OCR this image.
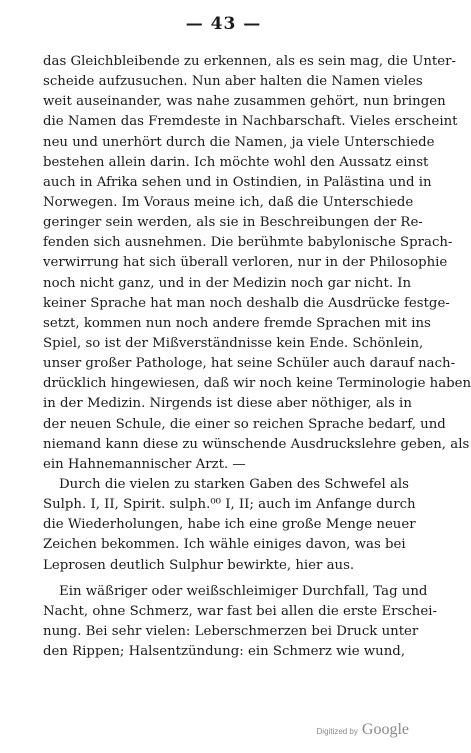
— 43 —
das Gleichbleibende zu erkennen, als es sein mag, die Unter-
scheide aufzusuchen. Nun aber halten die Namen vieles
weit auseinander, was nahe zusammen gehört, nun bringen
die Namen das Fremdeste in Nachbarschaft. Vieles erscheint
neu und unerhört durch die Namen, ja viele Unterschiede
bestehen allein darin. Ich möchte wohl den Aussatz einst
auch in Afrika sehen und in Ostindien, in Palästina und in
Norwegen. Im Voraus meine ich, daß die Unterschiede
geringer sein werden, als sie in Beschreibungen der Re-
fenden sich ausnehmen. Die berühmte babylonische Sprach-
verwirrung hat sich überall verloren, nur in der Philosophie
noch nicht ganz, und in der Medizin noch gar nicht. In
keiner Sprache hat man noch deshalb die Ausdrücke festge-
setzt, kommen nun noch andere fremde Sprachen mit ins
Spiel, so ist der Mißverständnisse kein Ende. Schönlein,
unser großer Pathologe, hat seine Schüler auch darauf nach-
drücklich hingewiesen, daß wir noch keine Terminologie haben
in der Medizin. Nirgends ist diese aber nöthiger, als in
der neuen Schule, die einer so reichen Sprache bedarf, und
niemand kann diese zu wünschende Ausdruckslehre geben, als
ein Hahnemannischer Arzt. —
Durch die vielen zu starken Gaben des Schwefel als
Sulph. I, II, Spirit. sulph.⁰⁰ I, II; auch im Anfange durch
die Wiederholungen, habe ich eine große Menge neuer
Zeichen bekommen. Ich wähle einiges davon, was bei
Leprosen deutlich Sulphur bewirkte, hier aus.
Ein wäßriger oder weißschleimiger Durchfall, Tag und
Nacht, ohne Schmerz, war fast bei allen die erste Erschei-
nung. Bei sehr vielen: Leberschmerzen bei Druck unter
den Rippen; Halsentzündung: ein Schmerz wie wund,
Digitized by Google
